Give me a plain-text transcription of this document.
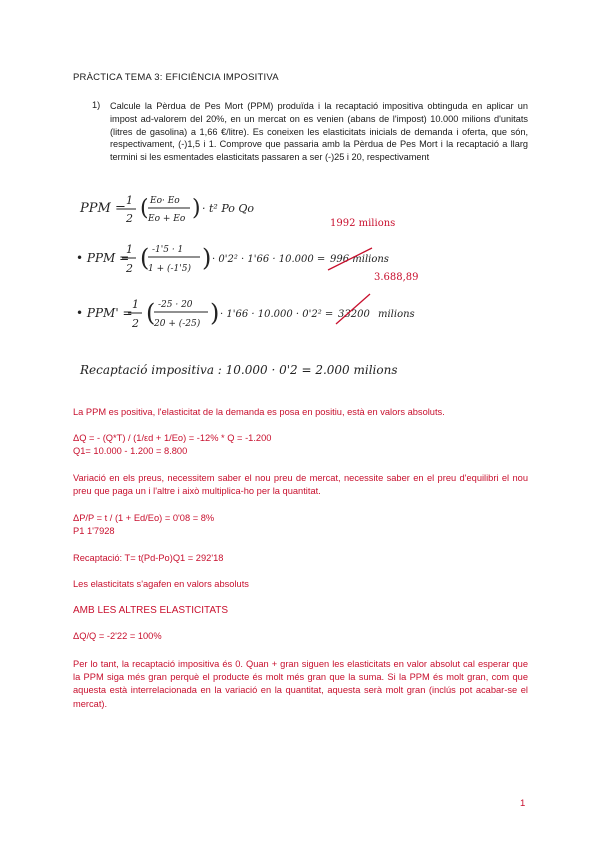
PRÀCTICA TEMA 3: EFICIÈNCIA IMPOSITIVA
1) Calcule la Pèrdua de Pes Mort (PPM) produïda i la recaptació impositiva obtinguda en aplicar un impost ad-valorem del 20%, en un mercat on es venien (abans de l'impost) 10.000 milions d'unitats (litres de gasolina) a 1,66 €/litre). Es coneixen les elasticitats inicials de demanda i oferta, que són, respectivament, (-)1,5 i 1. Comprove que passaria amb la Pèrdua de Pes Mort i la recaptació a llarg termini si les esmentades elasticitats passaren a ser (-)25 i 20, respectivament
PPM =
1
2 ( Eo· Eo
Eo + Eo ) · t² Po Qo
• PPM =
1
2 ( -1'5 · 1
1 + (-1'5) ) · 0'2² · 1'66 · 10.000 = 996 milions
1992 milions
3.688,89
• PPM' =
1
2 ( -25 · 20
20 + (-25) ) · 1'66 · 10.000 · 0'2² = 33200 milions
Recaptació impositiva : 10.000 · 0'2 = 2.000 milions
La PPM es positiva, l'elasticitat de la demanda es posa en positiu, està en valors absoluts.
ΔQ = - (Q*T) / (1/εd + 1/Eo) = -12% * Q = -1.200
Q1= 10.000 - 1.200 = 8.800
Variació en els preus, necessitem saber el nou preu de mercat, necessite saber en el preu d'equilibri el nou preu que paga un i l'altre i això multiplica-ho per la quantitat.
ΔP/P = t / (1 + Ed/Eo) = 0'08 = 8%
P1 1'7928
Recaptació: T= t(Pd-Po)Q1 = 292'18
Les elasticitats s'agafen en valors absoluts
AMB LES ALTRES ELASTICITATS
ΔQ/Q = -2'22 = 100%
Per lo tant, la recaptació impositiva és 0. Quan + gran siguen les elasticitats en valor absolut cal esperar que la PPM siga més gran perquè el producte és molt més gran que la suma. Si la PPM és molt gran, com que aquesta està interrelacionada en la variació en la quantitat, aquesta serà molt gran (inclús pot acabar-se el mercat).
1
